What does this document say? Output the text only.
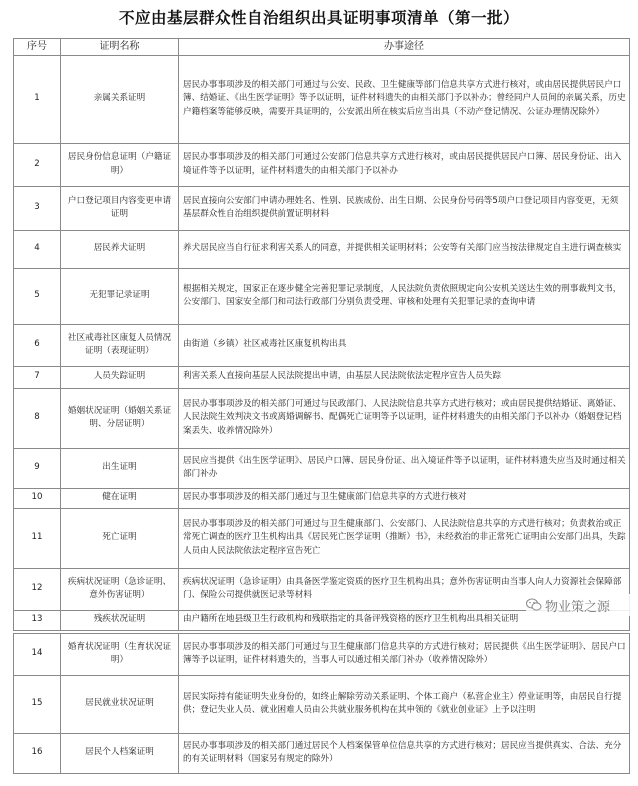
不应由基层群众性自治组织出具证明事项清单（第一批）
序号	证明名称	办事途径
1	亲属关系证明	居民办事事项涉及的相关部门可通过与公安、民政、卫生健康等部门信息共享方式进行核对，或由居民提供居民户口簿、结婚证、《出生医学证明》等予以证明，证件材料遗失的由相关部门予以补办；曾经同户人员间的亲属关系，历史户籍档案等能够反映，需要开具证明的，公安派出所在核实后应当出具（不动产登记情况、公证办理情况除外）
2	居民身份信息证明（户籍证明）	居民办事事项涉及的相关部门可通过公安部门信息共享方式进行核对，或由居民提供居民户口簿、居民身份证、出入境证件等予以证明，证件材料遗失的由相关部门予以补办
3	户口登记项目内容变更申请证明	居民直接向公安部门申请办理姓名、性别、民族成份、出生日期、公民身份号码等5项户口登记项目内容变更，无须基层群众性自治组织提供前置证明材料
4	居民养犬证明	养犬居民应当自行征求利害关系人的同意，并提供相关证明材料；公安等有关部门应当按法律规定自主进行调查核实
5	无犯罪记录证明	根据相关规定，国家正在逐步健全完善犯罪记录制度，人民法院负责依照规定向公安机关送达生效的刑事裁判文书，公安部门、国家安全部门和司法行政部门分别负责受理、审核和处理有关犯罪记录的查询申请
6	社区戒毒社区康复人员情况证明（表现证明）	由街道（乡镇）社区戒毒社区康复机构出具
7	人员失踪证明	利害关系人直接向基层人民法院提出申请，由基层人民法院依法定程序宣告人员失踪
8	婚姻状况证明（婚姻关系证明、分居证明）	居民办事事项涉及的相关部门可通过与民政部门、人民法院信息共享方式进行核对；或由居民提供结婚证、离婚证、人民法院生效判决文书或离婚调解书、配偶死亡证明等予以证明，证件材料遗失的由相关部门予以补办（婚姻登记档案丢失、收养情况除外）
9	出生证明	居民应当提供《出生医学证明》、居民户口簿、居民身份证、出入境证件等予以证明，证件材料遗失应当及时通过相关部门补办
10	健在证明	居民办事事项涉及的相关部门通过与卫生健康部门信息共享的方式进行核对
11	死亡证明	居民办事事项涉及的相关部门可通过与卫生健康部门、公安部门、人民法院信息共享的方式进行核对；负责救治或正常死亡调查的医疗卫生机构出具《居民死亡医学证明（推断）书》，未经救治的非正常死亡证明由公安部门出具，失踪人员由人民法院依法定程序宣告死亡
12	疾病状况证明（急诊证明、意外伤害证明）	疾病状况证明（急诊证明）由具备医学鉴定资质的医疗卫生机构出具；意外伤害证明由当事人向人力资源社会保障部门、保险公司提供就医记录等材料
13	残疾状况证明	由户籍所在地县级卫生行政机构和残联指定的具备评残资格的医疗卫生机构出具相关证明

14	婚育状况证明（生育状况证明）	居民办事事项涉及的相关部门可通过与卫生健康部门信息共享的方式进行核对；居民提供《出生医学证明》、居民户口簿等予以证明，证件材料遗失的，当事人可以通过相关部门补办（收养情况除外）
15	居民就业状况证明	居民实际持有能证明失业身份的，如终止解除劳动关系证明、个体工商户（私营企业主）停业证明等，由居民自行提供；登记失业人员、就业困难人员由公共就业服务机构在其申领的《就业创业证》上予以注明
16	居民个人档案证明	居民办事事项涉及的相关部门通过居民个人档案保管单位信息共享的方式进行核对；居民应当提供真实、合法、充分的有关证明材料（国家另有规定的除外）
物业策之源
